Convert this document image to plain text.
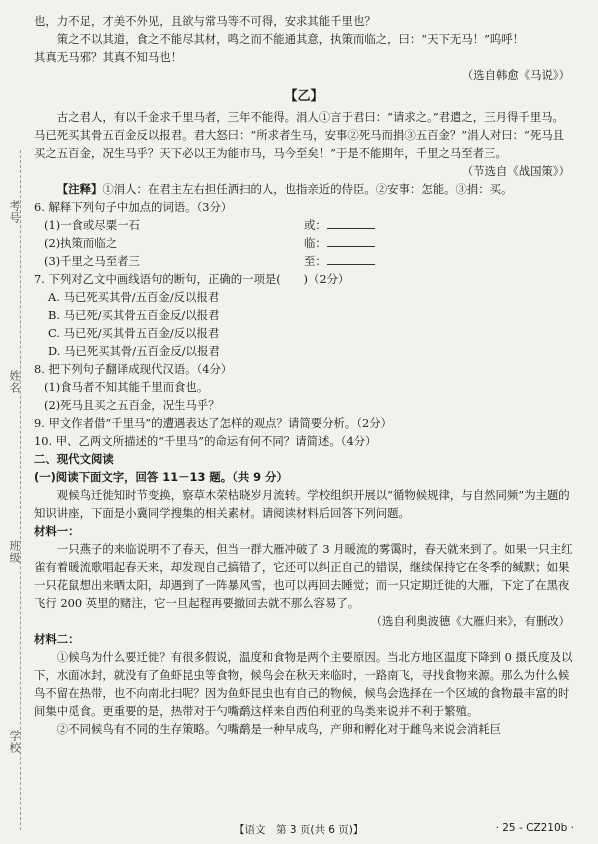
考号
姓名
班级
学校

也，力不足，才美不外见，且欲与常马等不可得，安求其能千里也？

策之不以其道，食之不能尽其材，鸣之而不能通其意，执策而临之，曰：“天下无马！”呜呼！

其真无马邪？其真不知马也！

（选自韩愈《马说》）

【乙】

古之君人，有以千金求千里马者，三年不能得。涓人①言于君曰：“请求之。”君遣之，三月得千里马。马已死买其骨五百金反以报君。君大怒曰：“所求者生马，安事②死马而捐③五百金？”涓人对曰：“死马且买之五百金，况生马乎？天下必以王为能市马，马今至矣！”于是不能期年，千里之马至者三。

（节选自《战国策》）

【注释】①涓人：在君主左右担任洒扫的人，也指亲近的侍臣。②安事：怎能。③捐：买。

6. 解释下列句子中加点的词语。（3分）

(1)一食或尽粟一石	或：
(2)执策而临之	临：
(3)千里之马至者三	至：

7. 下列对乙文中画线语句的断句，正确的一项是(　　)（2分）

A. 马已死买其骨/五百金/反以报君

B. 马已死/买其骨五百金反/以报君

C. 马已死/买其骨五百金/反以报君

D. 马已死买其骨/五百金反/以报君

8. 把下列句子翻译成现代汉语。（4分）

(1)食马者不知其能千里而食也。

(2)死马且买之五百金，况生马乎？

9. 甲文作者借“千里马”的遭遇表达了怎样的观点？请简要分析。（2分）

10. 甲、乙两文所描述的“千里马”的命运有何不同？请简述。（4分）

二、现代文阅读

(一)阅读下面文字，回答 11－13 题。（共 9 分）

观候鸟迁徙知时节变换，察草木荣枯晓岁月流转。学校组织开展以“循物候规律，与自然同频”为主题的知识讲座，下面是小冀同学搜集的相关素材。请阅读材料后回答下列问题。

材料一：

一只燕子的来临说明不了春天，但当一群大雁冲破了 3 月暖流的雾霭时，春天就来到了。如果一只主红雀有着暖流歌唱起春天来，却发现自己搞错了，它还可以纠正自己的错误，继续保持它在冬季的缄默；如果一只花鼠想出来晒太阳，却遇到了一阵暴风雪，也可以再回去睡觉；而一只定期迁徙的大雁，下定了在黑夜飞行 200 英里的赌注，它一旦起程再要撤回去就不那么容易了。

（选自利奥波德《大雁归来》，有删改）

材料二：

①候鸟为什么要迁徙？有很多假说，温度和食物是两个主要原因。当北方地区温度下降到 0 摄氏度及以下，水面冰封，就没有了鱼虾昆虫等食物，候鸟会在秋天来临时，一路南飞，寻找食物来源。那么为什么候鸟不留在热带，也不向南北扫呢？因为鱼虾昆虫也有自己的物候，候鸟会选择在一个区域的食物最丰富的时间集中觅食。更重要的是，热带对于勺嘴鹬这样来自西伯利亚的鸟类来说并不利于繁殖。

②不同候鸟有不同的生存策略。勺嘴鹬是一种早成鸟，产卵和孵化对于雌鸟来说会消耗巨

【语文　第 3 页(共 6 页)】	· 25 - CZ210b ·
